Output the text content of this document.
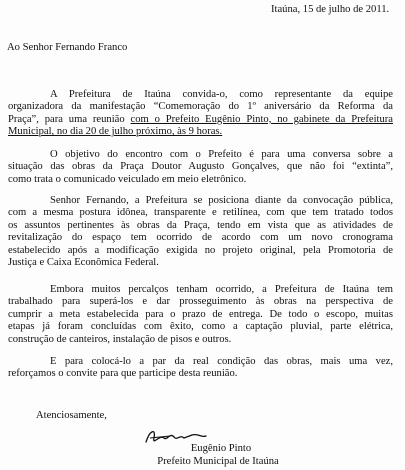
Itaúna, 15 de julho de 2011.
Ao Senhor Fernando Franco
A Prefeitura de Itaúna convida-o, como representante da equipe
organizadora da manifestação “Comemoração do 1º aniversário da Reforma da
Praça”, para uma reunião com o Prefeito Eugênio Pinto, no gabinete da Prefeitura
Municipal, no dia 20 de julho próximo, às 9 horas.
O objetivo do encontro com o Prefeito é para uma conversa sobre a
situação das obras da Praça Doutor Augusto Gonçalves, que não foi “extinta”,
como trata o comunicado veiculado em meio eletrônico.
Senhor Fernando, a Prefeitura se posiciona diante da convocação pública,
com a mesma postura idônea, transparente e retilínea, com que tem tratado todos
os assuntos pertinentes às obras da Praça, tendo em vista que as atividades de
revitalização do espaço tem ocorrido de acordo com um novo cronograma
estabelecido após a modificação exigida no projeto original, pela Promotoria de
Justiça e Caixa Econômica Federal.
Embora muitos percalços tenham ocorrido, a Prefeitura de Itaúna tem
trabalhado para superá-los e dar prosseguimento às obras na perspectiva de
cumprir a meta estabelecida para o prazo de entrega. De todo o escopo, muitas
etapas já foram concluídas com êxito, como a captação pluvial, parte elétrica,
construção de canteiros, instalação de pisos e outros.
E para colocá-lo a par da real condição das obras, mais uma vez,
reforçamos o convite para que participe desta reunião.
Atenciosamente,
Eugênio Pinto
Prefeito Municipal de Itaúna
